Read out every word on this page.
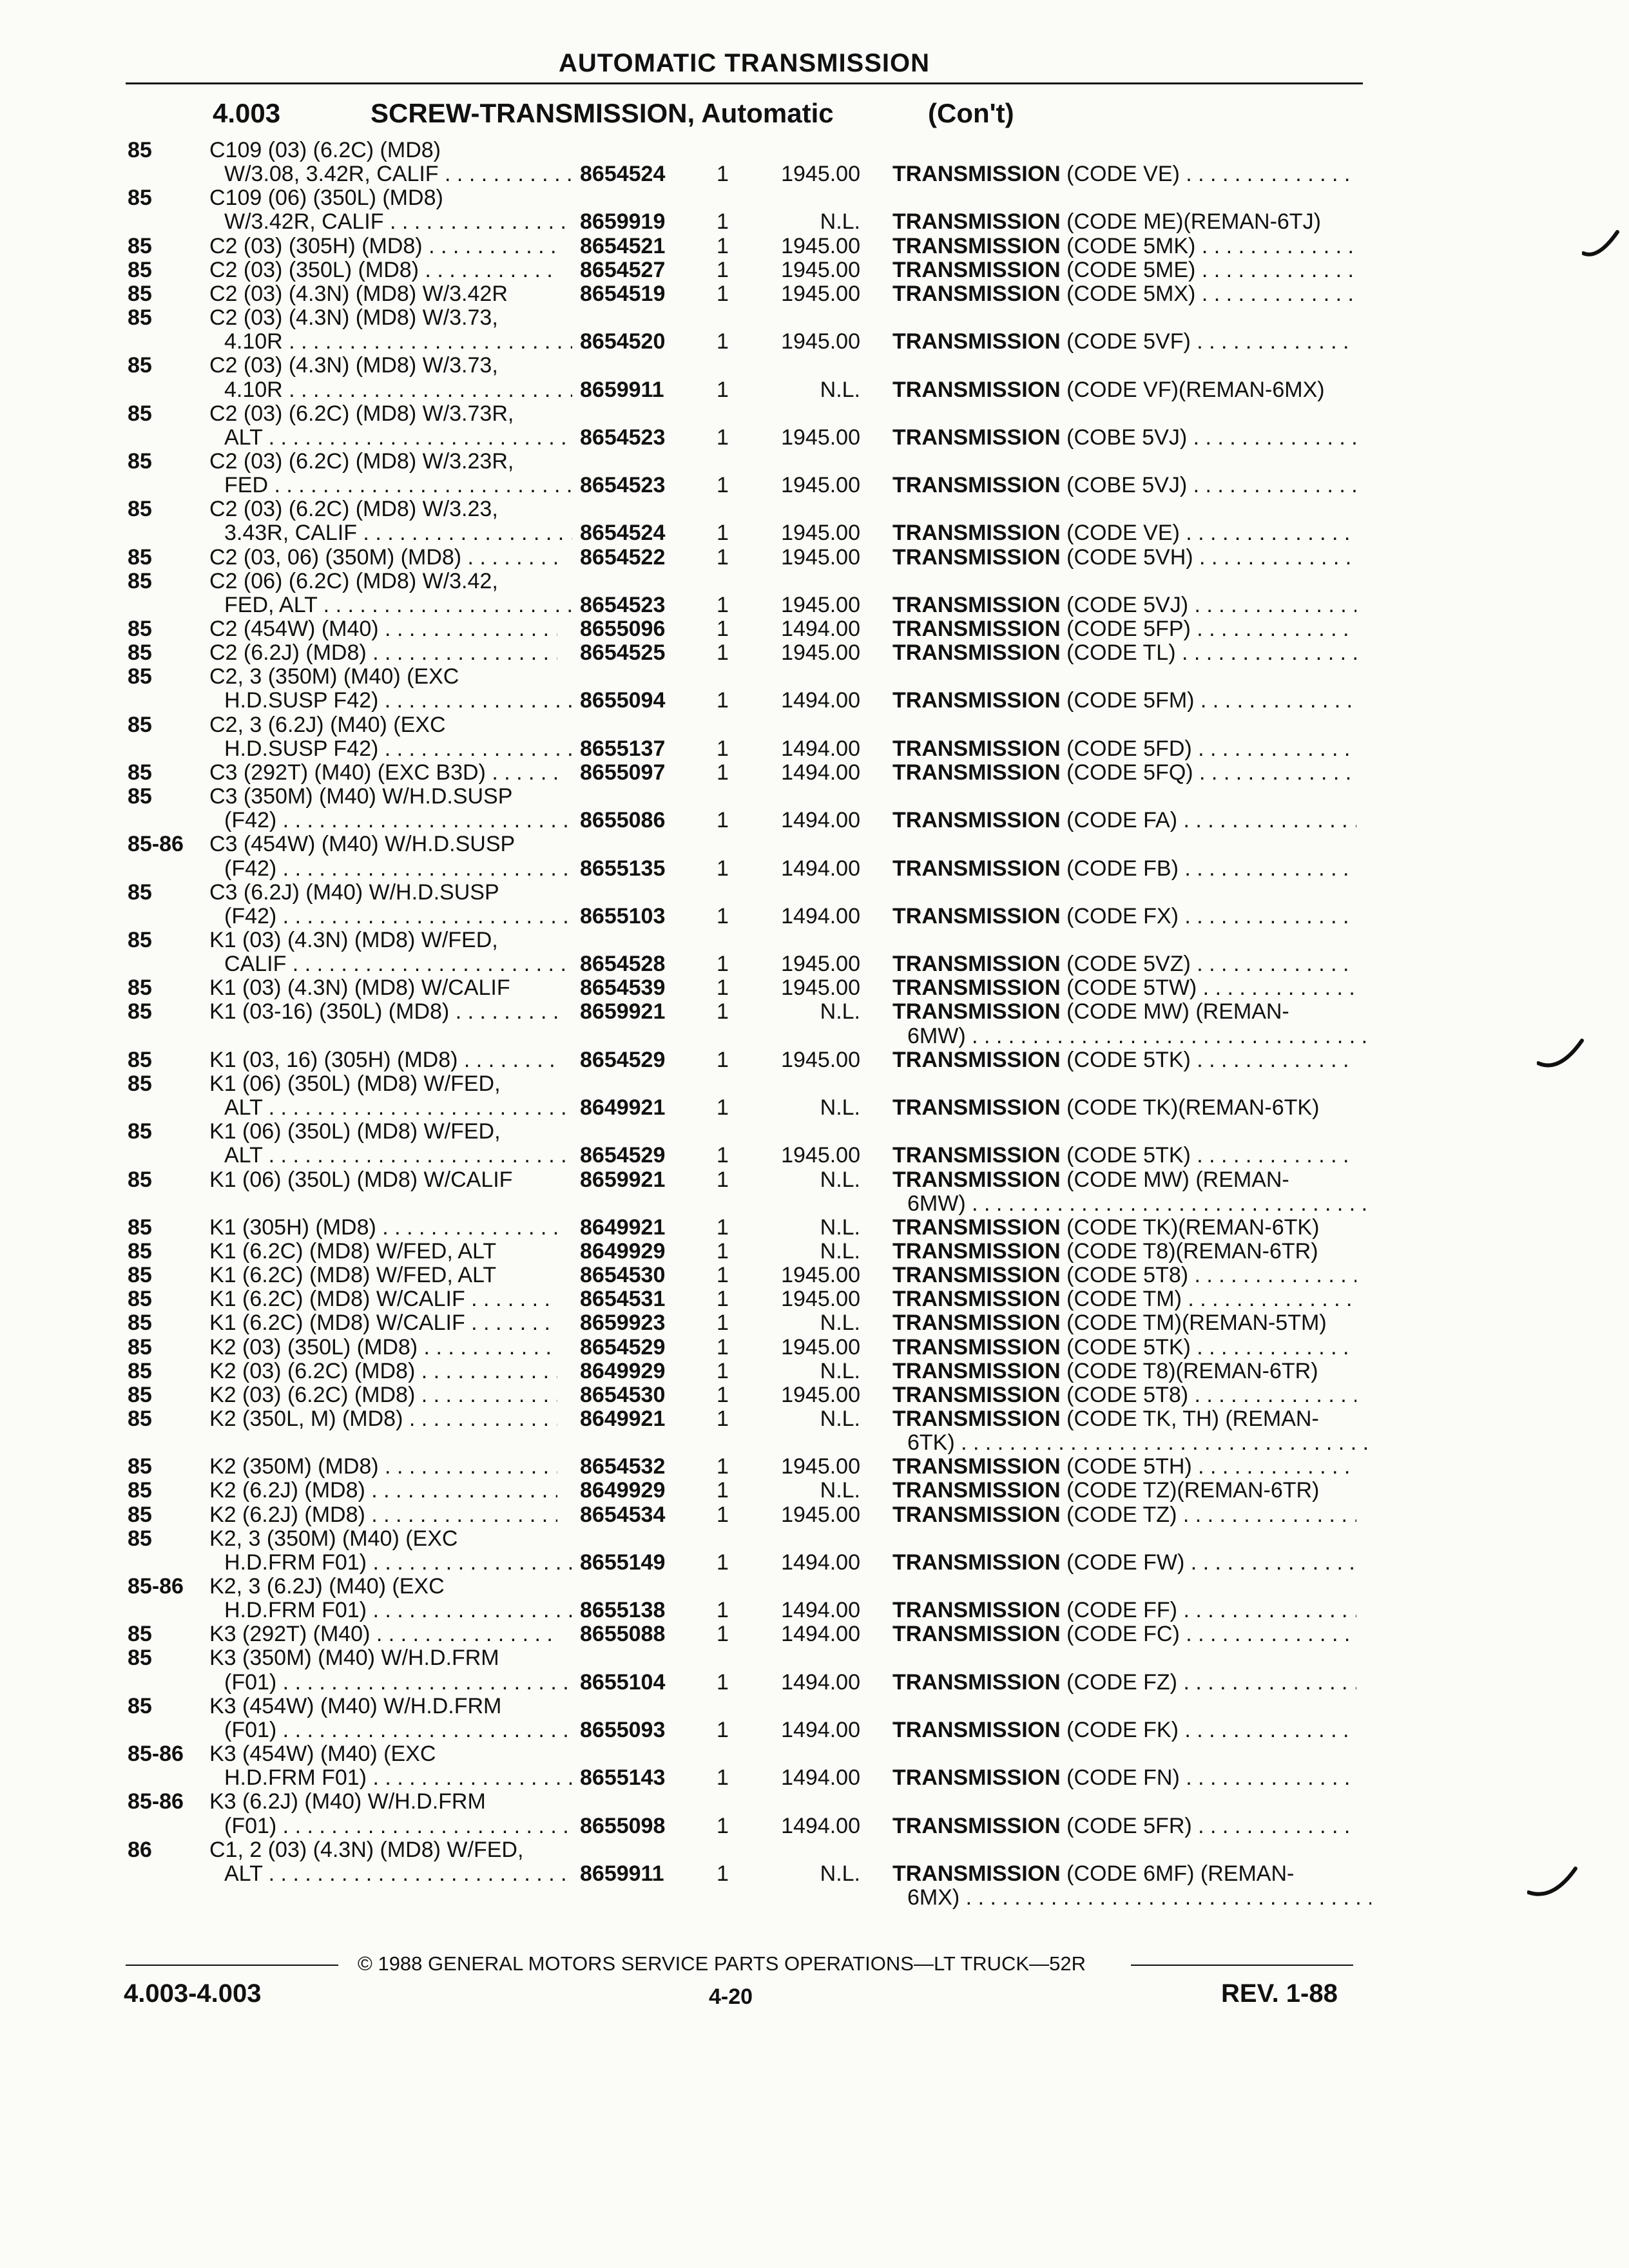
AUTOMATIC TRANSMISSION
4.003	SCREW-TRANSMISSION, Automatic	(Con't)
85	C109 (03) (6.2C) (MD8)
W/3.08, 3.42R, CALIF . . .	8654524 1	1945.00 TRANSMISSION (CODE VE) . . .
85	C109 (06) (350L) (MD8)
W/3.42R, CALIF . . .	8659919 1	N.L. TRANSMISSION (CODE ME)(REMAN-6TJ)
85	C2 (03) (305H) (MD8) . . .	8654521 1	1945.00 TRANSMISSION (CODE 5MK) . . .
85	C2 (03) (350L) (MD8) . . .	8654527 1	1945.00 TRANSMISSION (CODE 5ME) . . .
85	C2 (03) (4.3N) (MD8) W/3.42R	8654519 1	1945.00 TRANSMISSION (CODE 5MX) . . .
85	C2 (03) (4.3N) (MD8) W/3.73,
4.10R . . .	8654520 1	1945.00 TRANSMISSION (CODE 5VF) . . .
85	C2 (03) (4.3N) (MD8) W/3.73,
4.10R . . .	8659911 1	N.L. TRANSMISSION (CODE VF)(REMAN-6MX)
85	C2 (03) (6.2C) (MD8) W/3.73R,
ALT . . .	8654523 1	1945.00 TRANSMISSION (COBE 5VJ) . . .
85	C2 (03) (6.2C) (MD8) W/3.23R,
FED . . .	8654523 1	1945.00 TRANSMISSION (COBE 5VJ) . . .
85	C2 (03) (6.2C) (MD8) W/3.23,
3.43R, CALIF . . .	8654524 1	1945.00 TRANSMISSION (CODE VE) . . .
85	C2 (03, 06) (350M) (MD8) . . .	8654522 1	1945.00 TRANSMISSION (CODE 5VH) . . .
85	C2 (06) (6.2C) (MD8) W/3.42,
FED, ALT . . .	8654523 1	1945.00 TRANSMISSION (CODE 5VJ) . . .
85	C2 (454W) (M40) . . .	8655096 1	1494.00 TRANSMISSION (CODE 5FP) . . .
85	C2 (6.2J) (MD8) . . .	8654525 1	1945.00 TRANSMISSION (CODE TL) . . .
85	C2, 3 (350M) (M40) (EXC
H.D.SUSP F42) . . .	8655094 1	1494.00 TRANSMISSION (CODE 5FM) . . .
85	C2, 3 (6.2J) (M40) (EXC
H.D.SUSP F42) . . .	8655137 1	1494.00 TRANSMISSION (CODE 5FD) . . .
85	C3 (292T) (M40) (EXC B3D) . . .	8655097 1	1494.00 TRANSMISSION (CODE 5FQ) . . .
85	C3 (350M) (M40) W/H.D.SUSP
(F42) . . .	8655086 1	1494.00 TRANSMISSION (CODE FA) . . .
85-86 C3 (454W) (M40) W/H.D.SUSP
(F42) . . .	8655135 1	1494.00 TRANSMISSION (CODE FB) . . .
85	C3 (6.2J) (M40) W/H.D.SUSP
(F42) . . .	8655103 1	1494.00 TRANSMISSION (CODE FX) . . .
85	K1 (03) (4.3N) (MD8) W/FED,
CALIF . . .	8654528 1	1945.00 TRANSMISSION (CODE 5VZ) . . .
85	K1 (03) (4.3N) (MD8) W/CALIF	8654539 1	1945.00 TRANSMISSION (CODE 5TW) . . .
85	K1 (03-16) (350L) (MD8) . . .	8659921 1	N.L. TRANSMISSION (CODE MW) (REMAN-
6MW) . . .
85	K1 (03, 16) (305H) (MD8) . . .	8654529 1	1945.00 TRANSMISSION (CODE 5TK) . . .
85	K1 (06) (350L) (MD8) W/FED,
ALT . . .	8649921 1	N.L. TRANSMISSION (CODE TK)(REMAN-6TK)
85	K1 (06) (350L) (MD8) W/FED,
ALT . . .	8654529 1	1945.00 TRANSMISSION (CODE 5TK) . . .
85	K1 (06) (350L) (MD8) W/CALIF	8659921 1	N.L. TRANSMISSION (CODE MW) (REMAN-
6MW) . . .
85	K1 (305H) (MD8) . . .	8649921 1	N.L. TRANSMISSION (CODE TK)(REMAN-6TK)
85	K1 (6.2C) (MD8) W/FED, ALT	8649929 1	N.L. TRANSMISSION (CODE T8)(REMAN-6TR)
85	K1 (6.2C) (MD8) W/FED, ALT	8654530 1	1945.00 TRANSMISSION (CODE 5T8) . . .
85	K1 (6.2C) (MD8) W/CALIF . . .	8654531 1	1945.00 TRANSMISSION (CODE TM) . . .
85	K1 (6.2C) (MD8) W/CALIF . . .	8659923 1	N.L. TRANSMISSION (CODE TM)(REMAN-5TM)
85	K2 (03) (350L) (MD8) . . .	8654529 1	1945.00 TRANSMISSION (CODE 5TK) . . .
85	K2 (03) (6.2C) (MD8) . . .	8649929 1	N.L. TRANSMISSION (CODE T8)(REMAN-6TR)
85	K2 (03) (6.2C) (MD8) . . .	8654530 1	1945.00 TRANSMISSION (CODE 5T8) . . .
85	K2 (350L, M) (MD8) . . .	8649921 1	N.L. TRANSMISSION (CODE TK, TH) (REMAN-
6TK) . . .
85	K2 (350M) (MD8) . . .	8654532 1	1945.00 TRANSMISSION (CODE 5TH) . . .
85	K2 (6.2J) (MD8) . . .	8649929 1	N.L. TRANSMISSION (CODE TZ)(REMAN-6TR)
85	K2 (6.2J) (MD8) . . .	8654534 1	1945.00 TRANSMISSION (CODE TZ) . . .
85	K2, 3 (350M) (M40) (EXC
H.D.FRM F01) . . .	8655149 1	1494.00 TRANSMISSION (CODE FW) . . .
85-86 K2, 3 (6.2J) (M40) (EXC
H.D.FRM F01) . . .	8655138 1	1494.00 TRANSMISSION (CODE FF) . . .
85	K3 (292T) (M40) . . .	8655088 1	1494.00 TRANSMISSION (CODE FC) . . .
85	K3 (350M) (M40) W/H.D.FRM
(F01) . . .	8655104 1	1494.00 TRANSMISSION (CODE FZ) . . .
85	K3 (454W) (M40) W/H.D.FRM
(F01) . . .	8655093 1	1494.00 TRANSMISSION (CODE FK) . . .
85-86 K3 (454W) (M40) (EXC
H.D.FRM F01) . . .	8655143 1	1494.00 TRANSMISSION (CODE FN) . . .
85-86 K3 (6.2J) (M40) W/H.D.FRM
(F01) . . .	8655098 1	1494.00 TRANSMISSION (CODE 5FR) . . .
86	C1, 2 (03) (4.3N) (MD8) W/FED,
ALT . . .	8659911 1	N.L. TRANSMISSION (CODE 6MF) (REMAN-
6MX) . . .
© 1988 GENERAL MOTORS SERVICE PARTS OPERATIONS—LT TRUCK—52R
4.003-4.003	4-20	REV. 1-88
